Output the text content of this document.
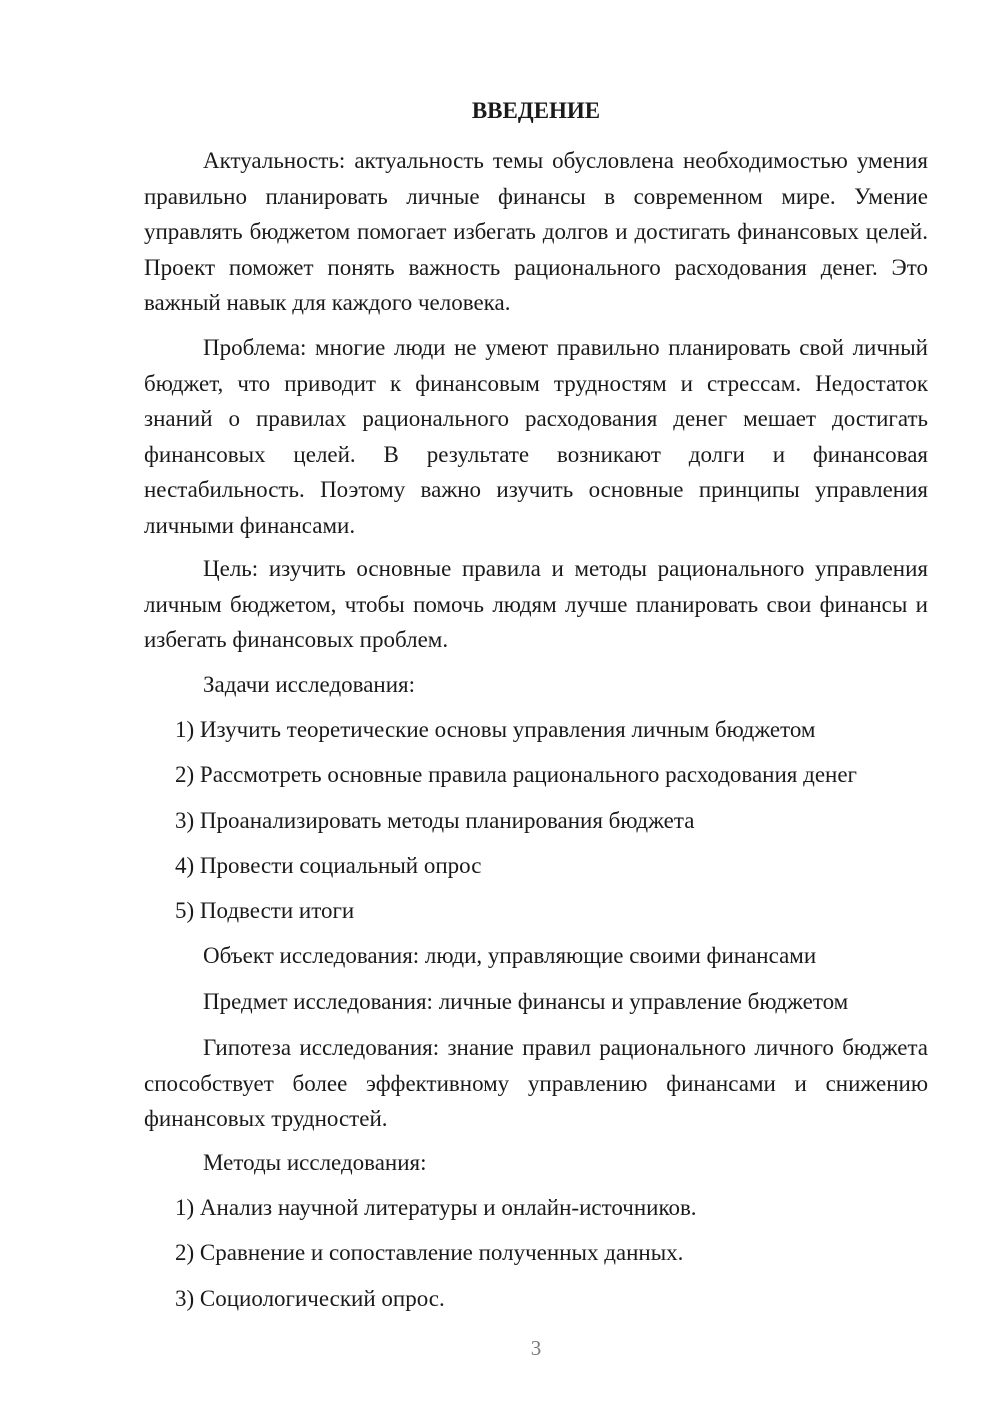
ВВЕДЕНИЕ

Актуальность: актуальность темы обусловлена необходимостью умения правильно планировать личные финансы в современном мире. Умение управлять бюджетом помогает избегать долгов и достигать финансовых целей. Проект поможет понять важность рационального расходования денег. Это важный навык для каждого человека.

Проблема: многие люди не умеют правильно планировать свой личный бюджет, что приводит к финансовым трудностям и стрессам. Недостаток знаний о правилах рационального расходования денег мешает достигать финансовых целей. В результате возникают долги и финансовая нестабильность. Поэтому важно изучить основные принципы управления личными финансами.

Цель: изучить основные правила и методы рационального управления личным бюджетом, чтобы помочь людям лучше планировать свои финансы и избегать финансовых проблем.

Задачи исследования:
1) Изучить теоретические основы управления личным бюджетом
2) Рассмотреть основные правила рационального расходования денег
3) Проанализировать методы планирования бюджета
4) Провести социальный опрос
5) Подвести итоги
Объект исследования: люди, управляющие своими финансами
Предмет исследования: личные финансы и управление бюджетом

Гипотеза исследования: знание правил рационального личного бюджета способствует более эффективному управлению финансами и снижению финансовых трудностей.

Методы исследования:
1) Анализ научной литературы и онлайн-источников.
2) Сравнение и сопоставление полученных данных.
3) Социологический опрос.
3
